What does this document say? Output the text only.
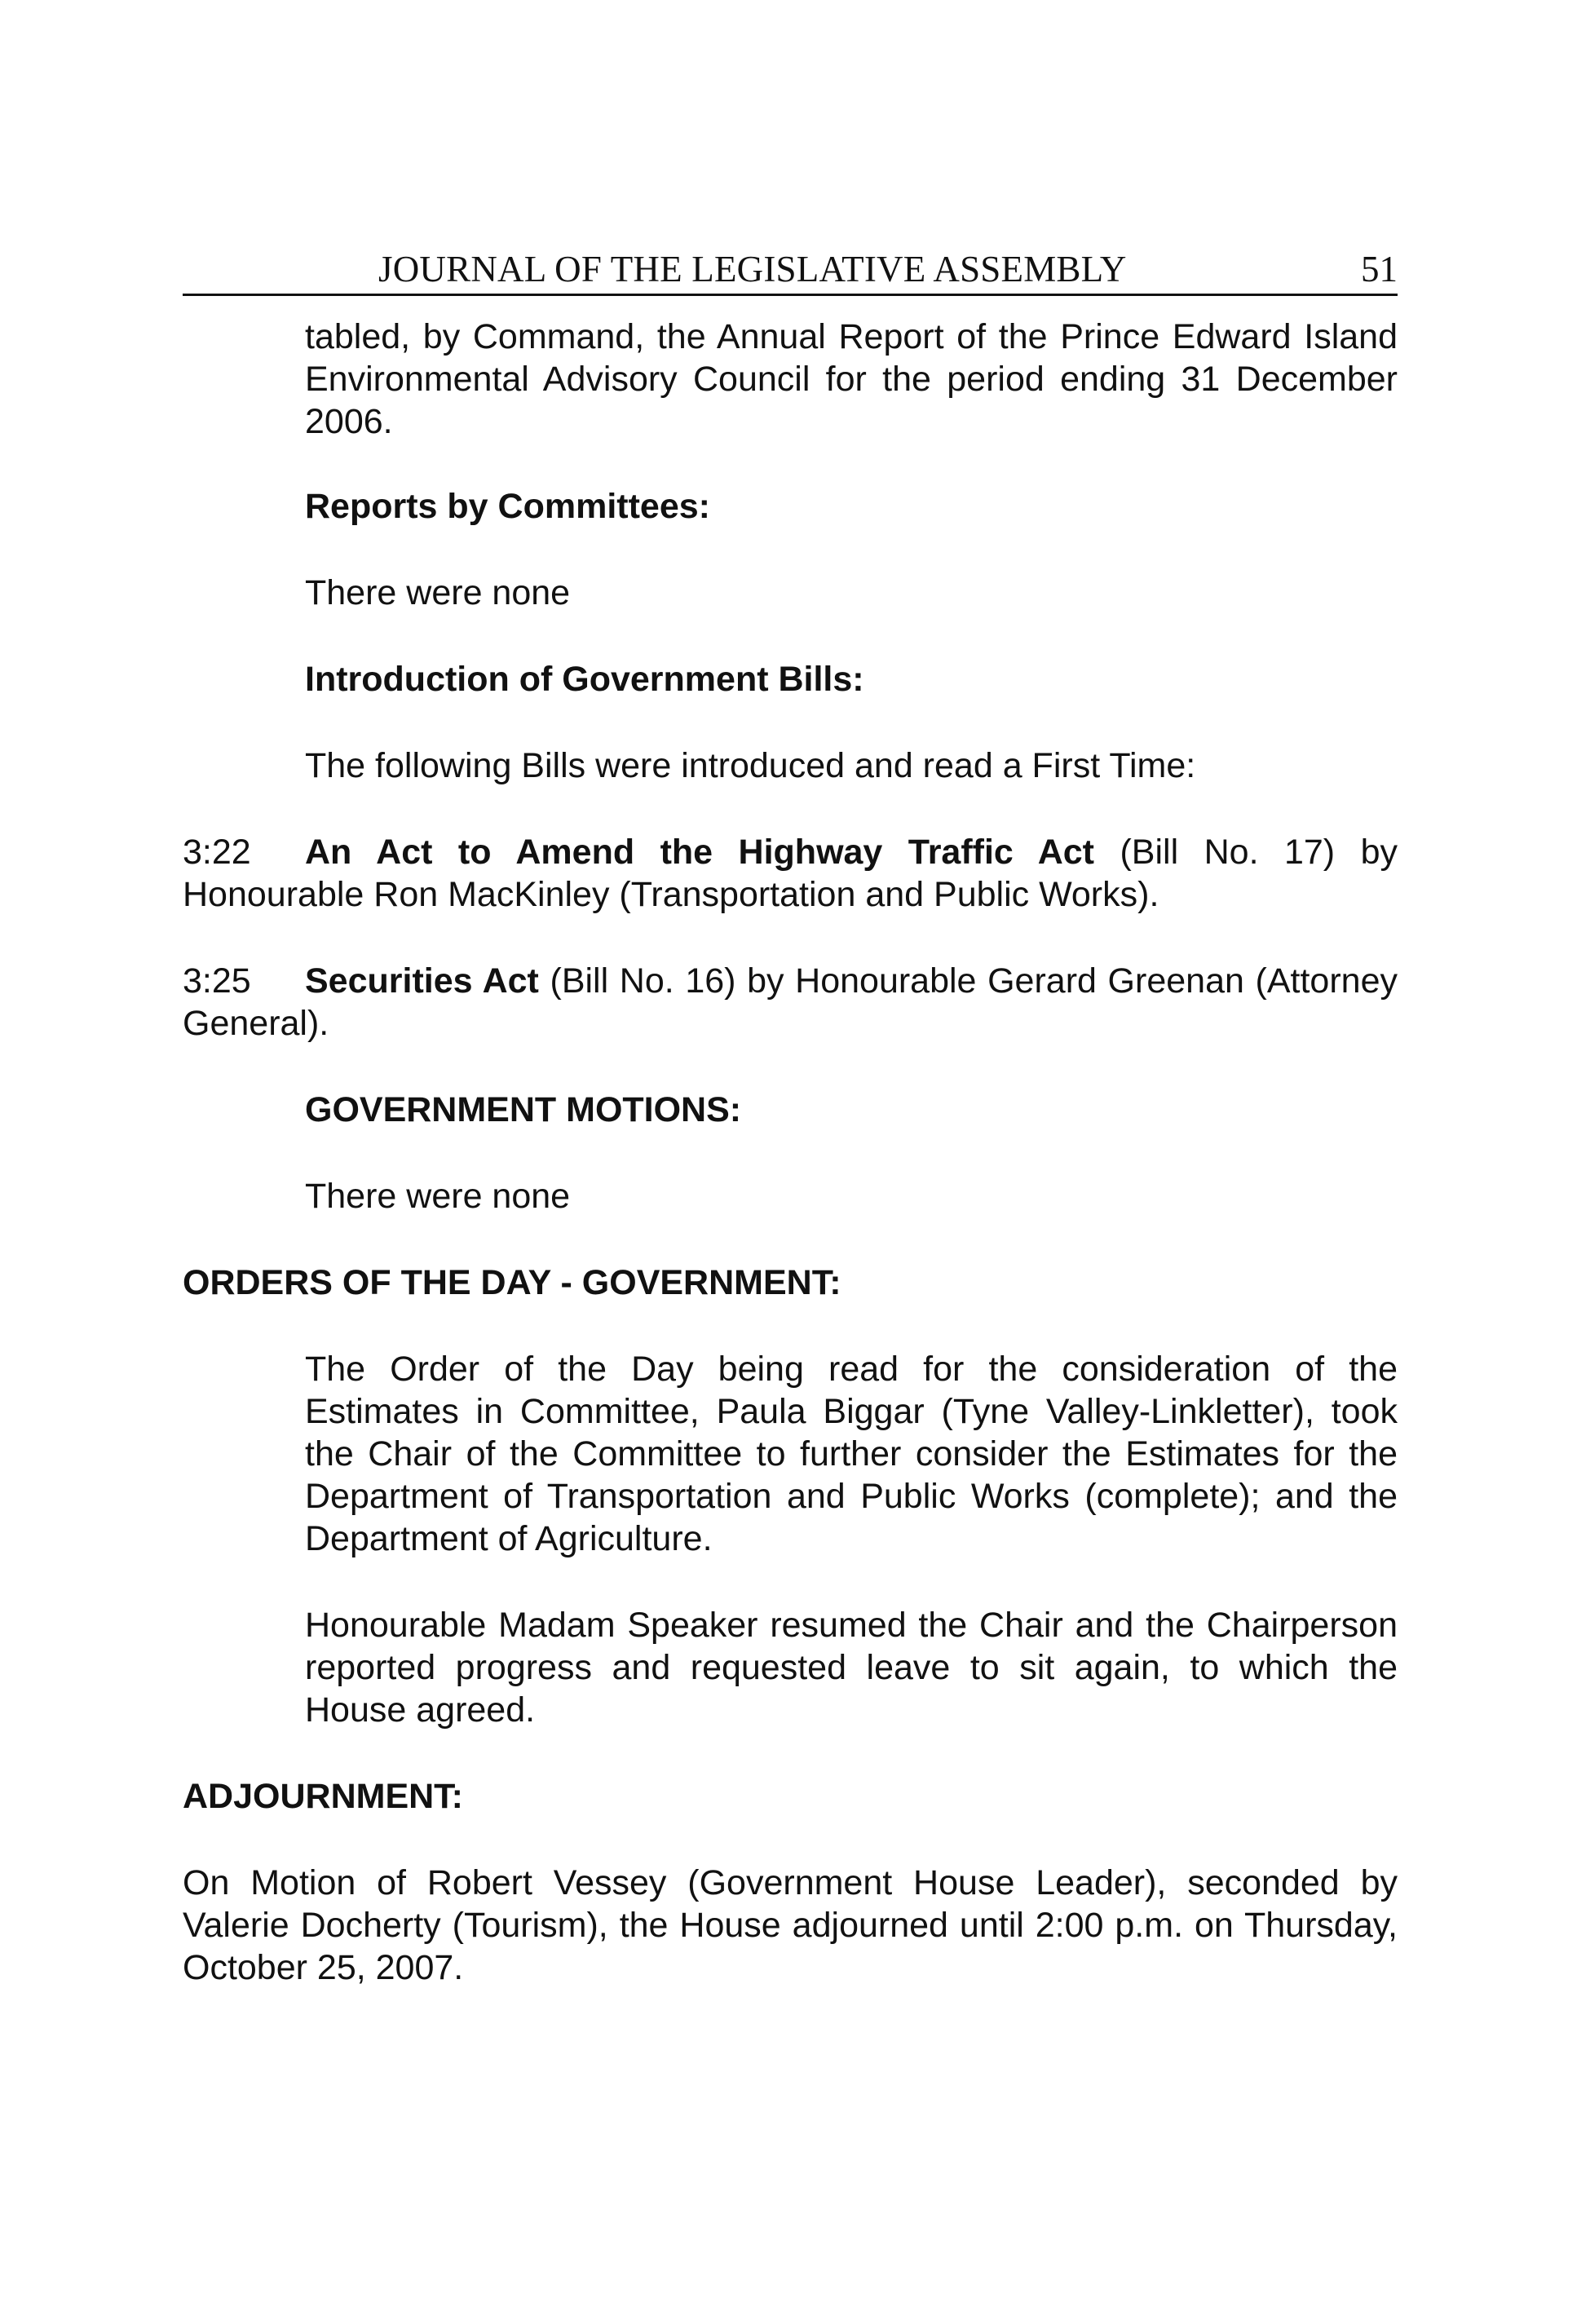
JOURNAL OF THE LEGISLATIVE ASSEMBLY	51

tabled, by Command, the Annual Report of the Prince Edward Island Environmental Advisory Council for the period ending 31 December 2006.

Reports by Committees:

There were none

Introduction of Government Bills:

The following Bills were introduced and read a First Time:

3:22 An Act to Amend the Highway Traffic Act (Bill No. 17) by Honourable Ron MacKinley (Transportation and Public Works).

3:25 Securities Act (Bill No. 16) by Honourable Gerard Greenan (Attorney General).

GOVERNMENT MOTIONS:

There were none

ORDERS OF THE DAY - GOVERNMENT:

The Order of the Day being read for the consideration of the Estimates in Committee, Paula Biggar (Tyne Valley-Linkletter), took the Chair of the Committee to further consider the Estimates for the Department of Transportation and Public Works (complete); and the Department of Agriculture.

Honourable Madam Speaker resumed the Chair and the Chairperson reported progress and requested leave to sit again, to which the House agreed.

ADJOURNMENT:

On Motion of Robert Vessey (Government House Leader), seconded by Valerie Docherty (Tourism), the House adjourned until 2:00 p.m. on Thursday, October 25, 2007.
